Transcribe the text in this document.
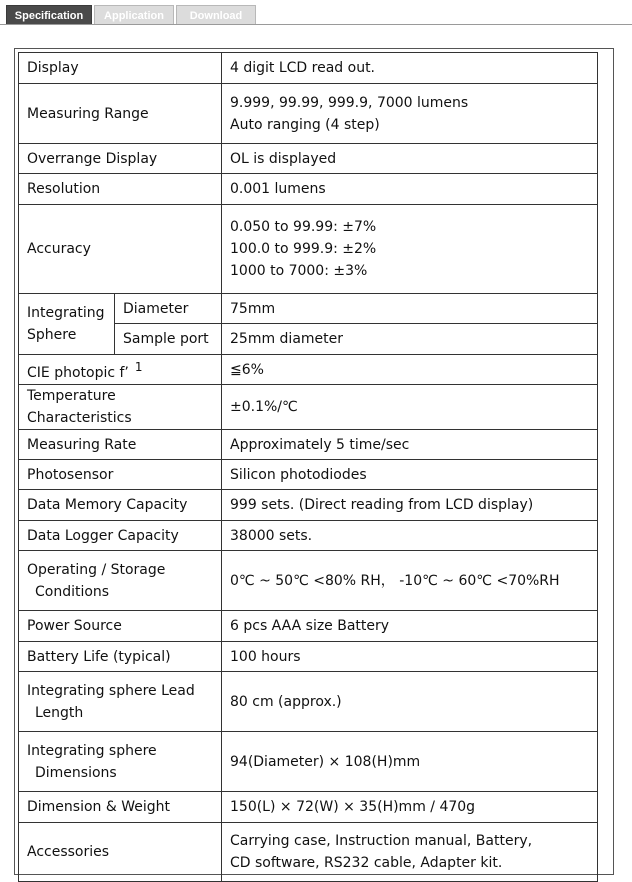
Specification	Application	Download
Display		4 digit LCD read out.
Measuring Range		9.999, 99.99, 999.9, 7000 lumens
Auto ranging (4 step)

Overrange Display		OL is displayed
Resolution		0.001 lumens
Accuracy		0.050 to 99.99: ±7%
100.0 to 999.9: ±2%
1000 to 7000: ±3%

Integrating
Sphere	Diameter	75mm
	Sample port	25mm diameter
CIE photopic f’ $^1$		≦6%
Temperature Characteristics		±0.1%/℃
Measuring Rate		Approximately 5 time/sec
Photosensor		Silicon photodiodes
Data Memory Capacity		999 sets. (Direct reading from LCD display)
Data Logger Capacity		38000 sets.

Operating / Storage
Conditions		0℃ ~ 50℃ <80% RH， -10℃ ~ 60℃ <70%RH
Power Source		6 pcs AAA size Battery
Battery Life (typical)		100 hours

Integrating sphere Lead
Length		80 cm (approx.)

Integrating sphere
Dimensions		94(Diameter) × 108(H)mm
Dimension & Weight		150(L) × 72(W) × 35(H)mm / 470g
Accessories		Carrying case, Instruction manual, Battery,
CD software, RS232 cable, Adapter kit.
